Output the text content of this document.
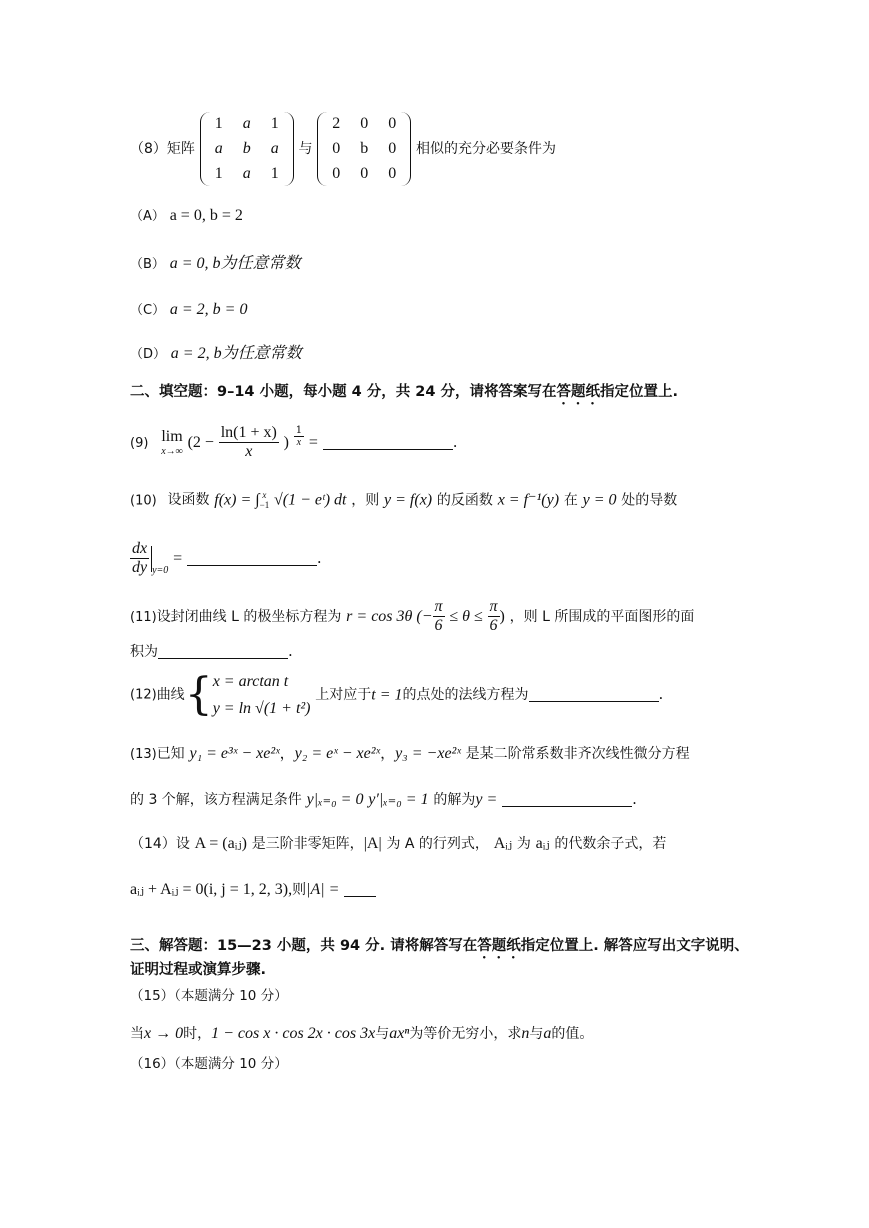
（8）矩阵
1	a	1
a	b	a
1	a	1
与
2	0	0
0	b	0
0	0	0
相似的充分必要条件为
（A） a = 0, b = 2
（B） a = 0, b为任意常数
（C） a = 2, b = 0
（D） a = 2, b为任意常数
二、填空题：9–14 小题，每小题 4 分，共 24 分，请将答案写在答题纸指定位置上.
(9) lim
x→∞
($2 - \frac{\ln(1 + x)}{x}$ ) $\frac{1}{x}$ =	.
(10) 设函数 f(x) = ∫ x
−1 √(1 − eᵗ) dt ，则 y = f(x) 的反函数 x = f⁻¹(y) 在 y = 0 处的导数
$\frac{dx}{dy} _{y=0}$ =	.
(11)设封闭曲线 L 的极坐标方程为 r = cos 3θ (− $\frac{\pi}{6} \le \theta \le \frac{\pi}{6}$ ) ，则 L 所围成的平面图形的面
积为	.
(12)曲线{ x = arctan t
y = ln √(1 + t²)
上对应于t = 1的点处的法线方程为	.
(13)已知 y₁ = e³ˣ − xe²ˣ，y₂ = eˣ − xe²ˣ，y₃ = −xe²ˣ 是某二阶常系数非齐次线性微分方程
的 3 个解，该方程满足条件 y|ₓ₌₀ = 0 y′|ₓ₌₀ = 1 的解为y =	.
（14）设 A = (aᵢⱼ) 是三阶非零矩阵，|A| 为 A 的行列式， Aᵢⱼ 为 aᵢⱼ 的代数余子式，若
aᵢⱼ + Aᵢⱼ = 0(i, j = 1, 2, 3),则|A| =
三、解答题：15—23 小题，共 94 分. 请将解答写在答题纸指定位置上. 解答应写出文字说明、
证明过程或演算步骤.
（15）（本题满分 10 分）
当x → 0时，1 − cos x · cos 2x · cos 3x与axⁿ为等价无穷小，求n与a的值。
（16）（本题满分 10 分）
